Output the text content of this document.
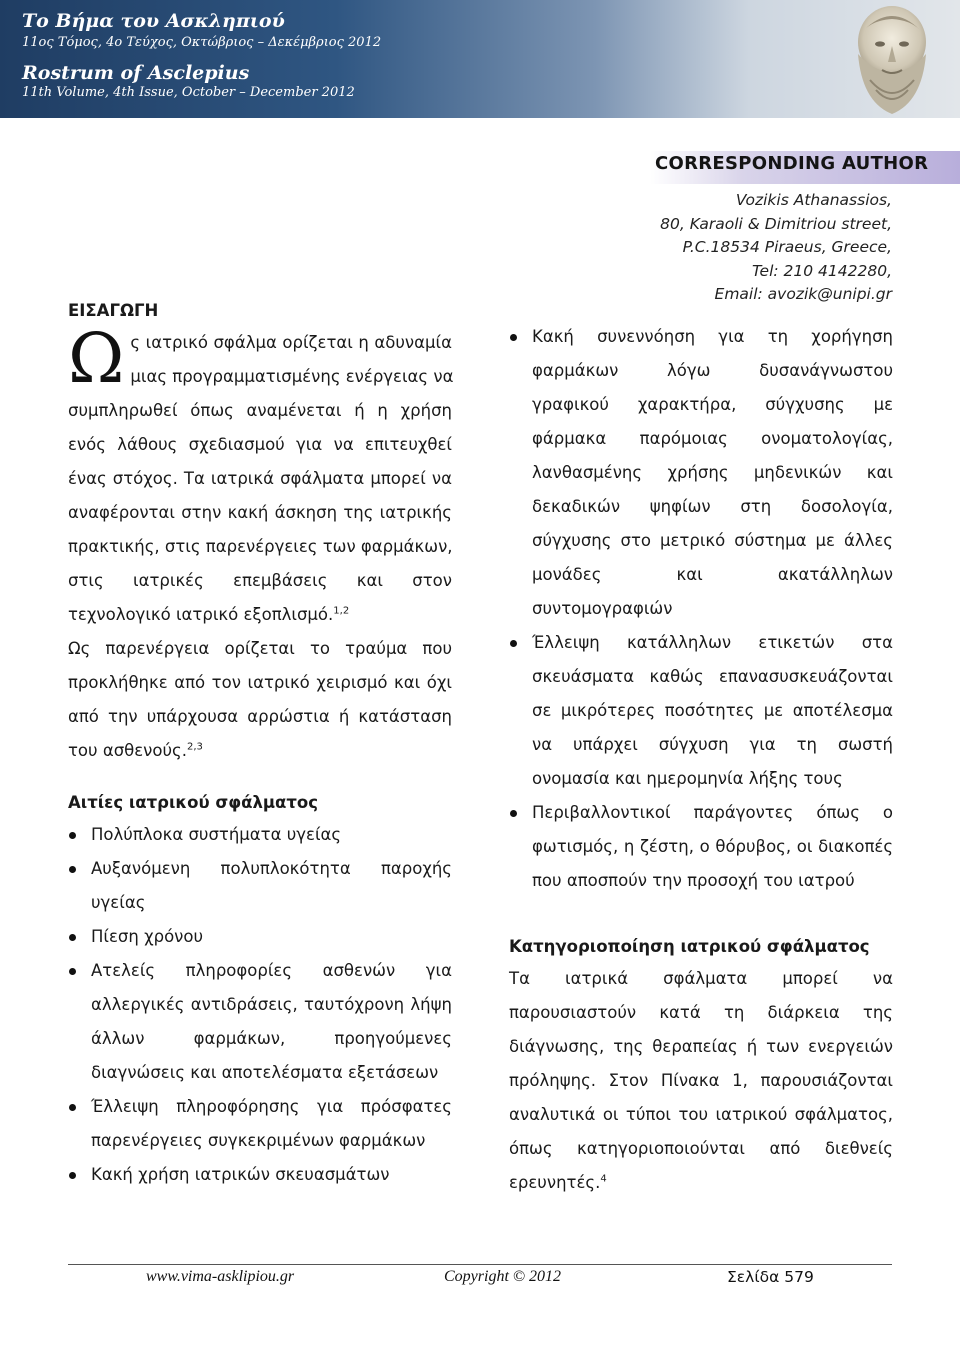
Το Βήμα του Ασκληπιού
11ος Τόμος, 4ο Τεύχος, Οκτώβριος – Δεκέμβριος 2012
Rostrum of Asclepius
11th Volume, 4th Issue, October – December 2012
CORRESPONDING AUTHOR
Vozikis Athanassios,
80, Karaoli & Dimitriou street,
P.C.18534 Piraeus, Greece,
Tel: 210 4142280,
Email: avozik@unipi.gr
ΕΙΣΑΓΩΓΗ
Ω ς ιατρικό σφάλμα ορίζεται η αδυναμία
μιας προγραμματισμένης ενέργειας να
συμπληρωθεί όπως αναμένεται ή η χρήση
ενός λάθους σχεδιασμού για να επιτευχθεί
ένας στόχος. Τα ιατρικά σφάλματα μπορεί να
αναφέρονται στην κακή άσκηση της ιατρικής
πρακτικής, στις παρενέργειες των φαρμάκων,
στις ιατρικές επεμβάσεις και στον
τεχνολογικό ιατρικό εξοπλισμό.$^{1,2}$
Ως παρενέργεια ορίζεται το τραύμα που
προκλήθηκε από τον ιατρικό χειρισμό και όχι
από την υπάρχουσα αρρώστια ή κατάσταση
του ασθενούς.$^{2,3}$
Αιτίες ιατρικού σφάλματος
Πολύπλοκα συστήματα υγείας
Αυξανόμενη πολυπλοκότητα παροχής
υγείας
Πίεση χρόνου
Ατελείς πληροφορίες ασθενών για
αλλεργικές αντιδράσεις, ταυτόχρονη λήψη
άλλων φαρμάκων, προηγούμενες
διαγνώσεις και αποτελέσματα εξετάσεων
Έλλειψη πληροφόρησης για πρόσφατες
παρενέργειες συγκεκριμένων φαρμάκων
Κακή χρήση ιατρικών σκευασμάτων
Κακή συνεννόηση για τη χορήγηση
φαρμάκων λόγω δυσανάγνωστου
γραφικού χαρακτήρα, σύγχυσης με
φάρμακα παρόμοιας ονοματολογίας,
λανθασμένης χρήσης μηδενικών και
δεκαδικών ψηφίων στη δοσολογία,
σύγχυσης στο μετρικό σύστημα με άλλες
μονάδες και ακατάλληλων
συντομογραφιών
Έλλειψη κατάλληλων ετικετών στα
σκευάσματα καθώς επανασυσκευάζονται
σε μικρότερες ποσότητες με αποτέλεσμα
να υπάρχει σύγχυση για τη σωστή
ονομασία και ημερομηνία λήξης τους
Περιβαλλοντικοί παράγοντες όπως ο
φωτισμός, η ζέστη, ο θόρυβος, οι διακοπές
που αποσπούν την προσοχή του ιατρού
Κατηγοριοποίηση ιατρικού σφάλματος
Τα ιατρικά σφάλματα μπορεί να
παρουσιαστούν κατά τη διάρκεια της
διάγνωσης, της θεραπείας ή των ενεργειών
πρόληψης. Στον Πίνακα 1, παρουσιάζονται
αναλυτικά οι τύποι του ιατρικού σφάλματος,
όπως κατηγοριοποιούνται από διεθνείς
ερευνητές.$^4$
www.vima-asklipiou.gr	Copyright © 2012	Σελίδα 579
